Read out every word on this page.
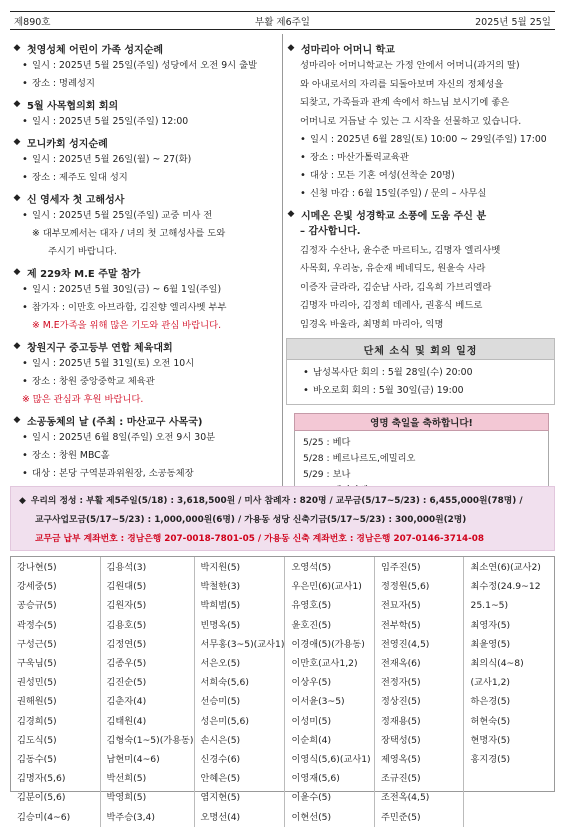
제890호	부활 제6주일	2025년 5월 25일
◆ 첫영성체 어린이 가족 성지순례
• 일시 : 2025년 5월 25일(주일) 성당에서 오전 9시 출발
• 장소 : 명례성지
◆ 5월 사목협의회 회의
• 일시 : 2025년 5월 25일(주일) 12:00
◆ 모니카회 성지순례
• 일시 : 2025년 5월 26일(월) ~ 27(화)
• 장소 : 제주도 일대 성지
◆ 신 영세자 첫 고해성사
• 일시 : 2025년 5월 25일(주일) 교중 미사 전
※ 대부모께서는 대자 / 녀의 첫 고해성사를 도와
주시기 바랍니다.
◆ 제 229차 M.E 주말 참가
• 일시 : 2025년 5월 30일(금) ~ 6월 1일(주일)
• 참가자 : 이만호 아브라함, 김진향 엘리사벳 부부
※ M.E가족을 위해 많은 기도와 관심 바랍니다.
◆ 창원지구 중고등부 연합 체육대회
• 일시 : 2025년 5월 31일(토) 오전 10시
• 장소 : 창원 중앙중학교 체육관
※ 많은 관심과 후원 바랍니다.
◆ 소공동체의 날 (주최 : 마산교구 사목국)
• 일시 : 2025년 6월 8일(주일) 오전 9시 30분
• 장소 : 창원 MBC홀
• 대상 : 본당 구역분과위원장, 소공동체장
•
◆ 성마리아 어머니 학교
성마리아 어머니학교는 가정 안에서 어머니(과거의 딸)
와 아내로서의 자리를 되돌아보며 자신의 정체성을
되찾고, 가족들과 관계 속에서 하느님 보시기에 좋은
어머니로 거듭날 수 있는 그 시작을 선물하고 있습니다.
• 일시 : 2025년 6월 28일(토) 10:00 ~ 29일(주일) 17:00
• 장소 : 마산가톨릭교육관
• 대상 : 모든 기혼 여성(선착순 20명)
• 신청 마감 : 6월 15일(주일) / 문의 – 사무실
◆ 시메온 은빛 성경학교 소풍에 도움 주신 분
– 감사합니다.
김정자 수산나, 윤수준 마르티노, 김명자 엘리사벳
사목회, 우리농, 유순재 베네딕도, 원윤숙 사라
이증자 글라라, 김순남 사라, 김옥희 가브리엘라
김명자 마리아, 김정희 데레사, 권홍식 베드로
임경옥 바울라, 최명희 마리아, 익명
단체 소식 및 회의 일정
• 남성복사단 회의 : 5월 28일(수) 20:00
• 바오로회 회의 : 5월 30일(금) 19:00
영명 축일을 축하합니다!
5/25 : 베다
5/28 : 베르나르도,에밀리오
5/29 : 보나
◆ 우리의 정성 : 부활 제5주일(5/18) : 3,618,500원 / 미사 참례자 : 820명 / 교무금(5/17~5/23) : 6,455,000원(78명) /
교구사업모금(5/17~5/23) : 1,000,000원(6명) / 가용동 성당 신축기금(5/17~5/23) : 300,000원(2명)
교무금 납부 계좌번호 : 경남은행 207-0018-7801-05 / 가용동 신축 계좌번호 : 경남은행 207-0146-3714-08
강나현(5)
강세중(5)
공승규(5)
곽정수(5)
구성근(5)
구욱님(5)
권성민(5)
권해원(5)
김경희(5)
김도식(5)
김동수(5)
김명자(5,6)
김분이(5,6)
김승미(4~6)
김용석(3)
김원대(5)
김원자(5)
김용호(5)
김정연(5)
김종우(5)
김진순(5)
김춘자(4)
김태원(4)
김형숙(1~5)(가용동)
남현미(4~6)
박선희(5)
박영희(5)
박주승(3,4)
박지원(5)
박철한(3)
박희범(5)
빈명옥(5)
서무홍(3~5)(교사1)
서은오(5)
서희숙(5,6)
선승미(5)
성은미(5,6)
손시은(5)
신경수(6)
안혜은(5)
염지현(5)
오명선(4)
오영석(5)
우은민(6)(교사1)
유영호(5)
윤호진(5)
이경애(5)(가용동)
이만호(교사1,2)
이상우(5)
이서윤(3~5)
이성미(5)
이순희(4)
이영식(5,6)(교사1)
이영재(5,6)
이윤수(5)
이현선(5)
임주진(5)
정정원(5,6)
전묘자(5)
전부학(5)
전영진(4,5)
전재옥(6)
전정자(5)
정상진(5)
정재용(5)
장택성(5)
제영옥(5)
조규진(5)
조전옥(4,5)
주민준(5)
최소연(6)(교사2)
최수정(24.9~12
25.1~5)
최영자(5)
최윤영(5)
최의식(4~8)
(교사1,2)
하은경(5)
허현숙(5)
현명자(5)
홍지경(5)
